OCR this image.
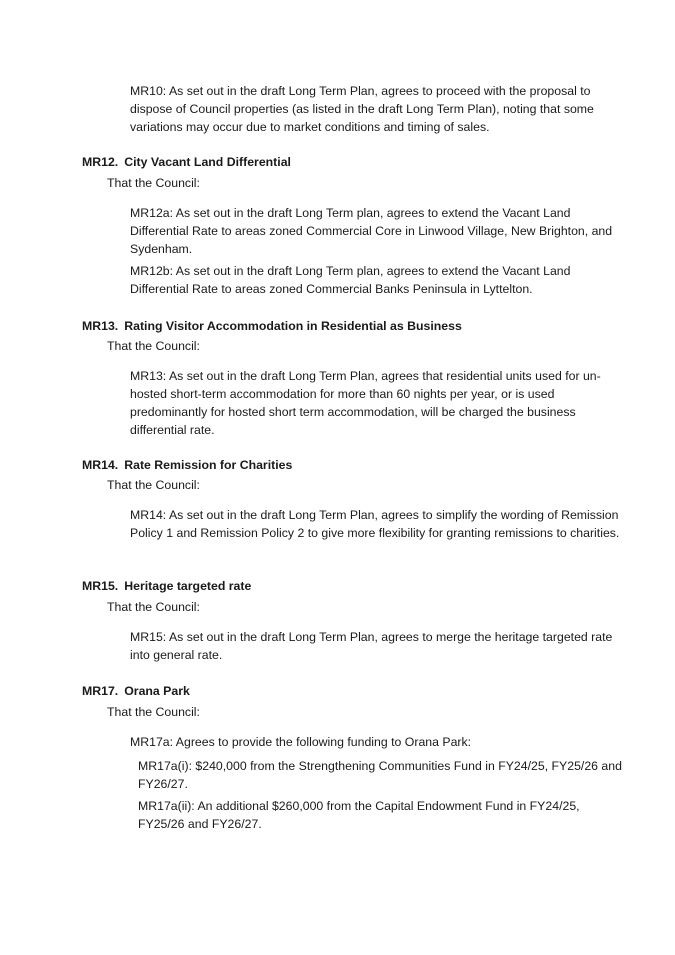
MR10: As set out in the draft Long Term Plan, agrees to proceed with the proposal to dispose of Council properties (as listed in the draft Long Term Plan), noting that some variations may occur due to market conditions and timing of sales.

MR12. City Vacant Land Differential

That the Council:

MR12a: As set out in the draft Long Term plan, agrees to extend the Vacant Land Differential Rate to areas zoned Commercial Core in Linwood Village, New Brighton, and Sydenham.

MR12b: As set out in the draft Long Term plan, agrees to extend the Vacant Land Differential Rate to areas zoned Commercial Banks Peninsula in Lyttelton.

MR13. Rating Visitor Accommodation in Residential as Business

That the Council:

MR13: As set out in the draft Long Term Plan, agrees that residential units used for un-hosted short-term accommodation for more than 60 nights per year, or is used predominantly for hosted short term accommodation, will be charged the business differential rate.

MR14. Rate Remission for Charities

That the Council:

MR14: As set out in the draft Long Term Plan, agrees to simplify the wording of Remission Policy 1 and Remission Policy 2 to give more flexibility for granting remissions to charities.

MR15. Heritage targeted rate

That the Council:

MR15: As set out in the draft Long Term Plan, agrees to merge the heritage targeted rate into general rate.

MR17. Orana Park

That the Council:

MR17a: Agrees to provide the following funding to Orana Park:

MR17a(i): $240,000 from the Strengthening Communities Fund in FY24/25, FY25/26 and FY26/27.

MR17a(ii): An additional $260,000 from the Capital Endowment Fund in FY24/25, FY25/26 and FY26/27.
